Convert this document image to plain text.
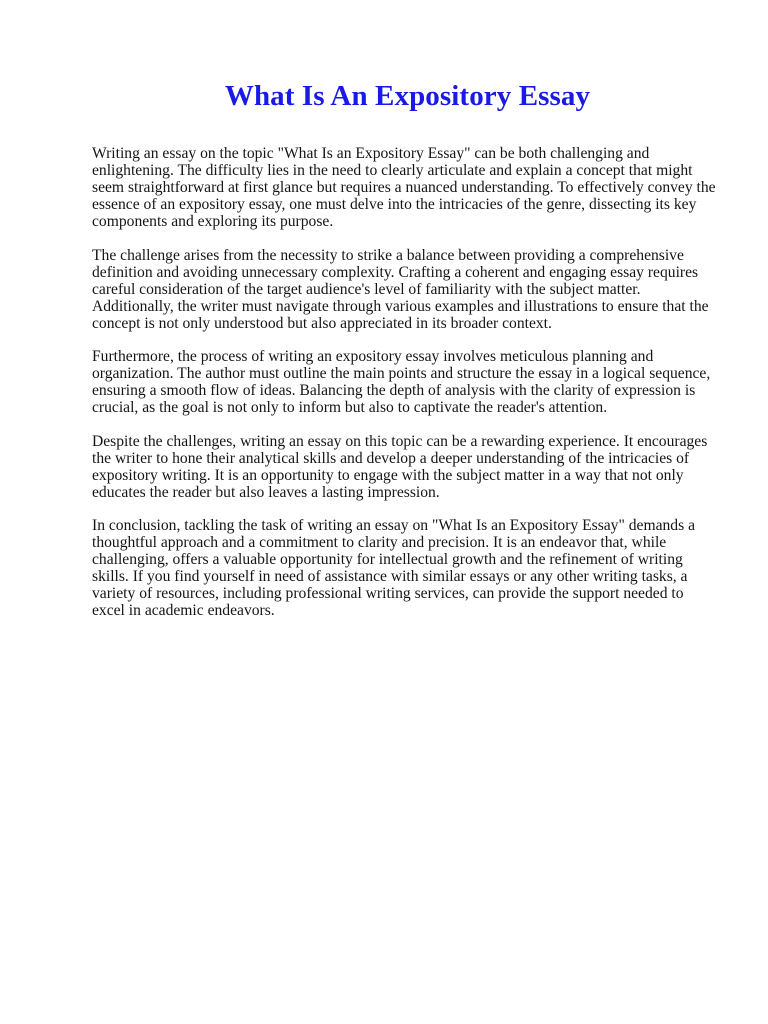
What Is An Expository Essay

Writing an essay on the topic "What Is an Expository Essay" can be both challenging and enlightening. The difficulty lies in the need to clearly articulate and explain a concept that might seem straightforward at first glance but requires a nuanced understanding. To effectively convey the essence of an expository essay, one must delve into the intricacies of the genre, dissecting its key components and exploring its purpose.

The challenge arises from the necessity to strike a balance between providing a comprehensive definition and avoiding unnecessary complexity. Crafting a coherent and engaging essay requires careful consideration of the target audience's level of familiarity with the subject matter. Additionally, the writer must navigate through various examples and illustrations to ensure that the concept is not only understood but also appreciated in its broader context.

Furthermore, the process of writing an expository essay involves meticulous planning and organization. The author must outline the main points and structure the essay in a logical sequence, ensuring a smooth flow of ideas. Balancing the depth of analysis with the clarity of expression is crucial, as the goal is not only to inform but also to captivate the reader's attention.

Despite the challenges, writing an essay on this topic can be a rewarding experience. It encourages the writer to hone their analytical skills and develop a deeper understanding of the intricacies of expository writing. It is an opportunity to engage with the subject matter in a way that not only educates the reader but also leaves a lasting impression.

In conclusion, tackling the task of writing an essay on "What Is an Expository Essay" demands a thoughtful approach and a commitment to clarity and precision. It is an endeavor that, while challenging, offers a valuable opportunity for intellectual growth and the refinement of writing skills. If you find yourself in need of assistance with similar essays or any other writing tasks, a variety of resources, including professional writing services, can provide the support needed to excel in academic endeavors.
